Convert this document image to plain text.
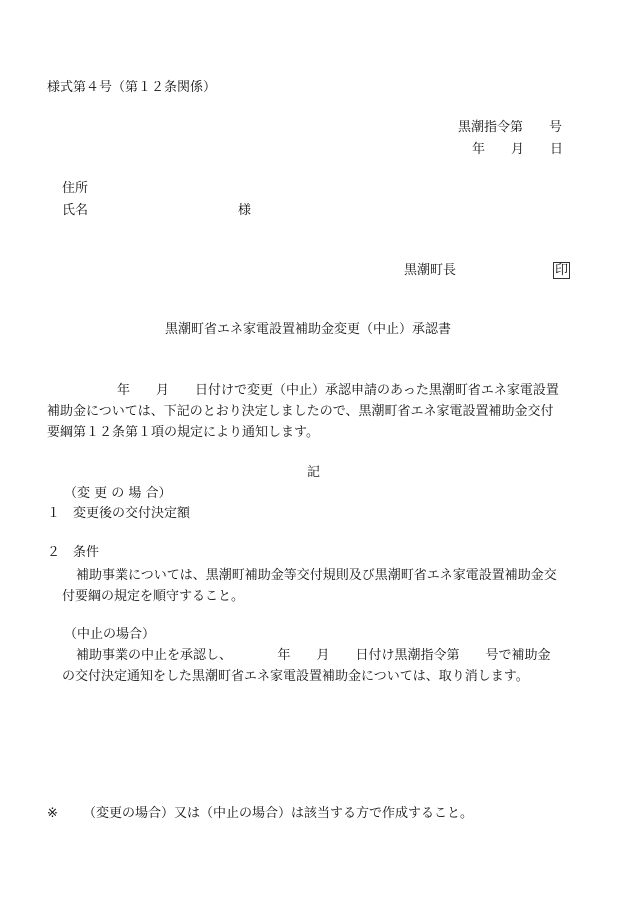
様式第４号（第１２条関係）
黒潮指令第　　号
年　　月　　日
住所
氏名	様
黒潮町長	印
黒潮町省エネ家電設置補助金変更（中止）承認書
年　　月　　日付けで変更（中止）承認申請のあった黒潮町省エネ家電設置
補助金については、下記のとおり決定しましたので、黒潮町省エネ家電設置補助金交付
要綱第１２条第１項の規定により通知します。
記
（変 更 の 場 合）
１　変更後の交付決定額
２　条件
補助事業については、黒潮町補助金等交付規則及び黒潮町省エネ家電設置補助金交
付要綱の規定を順守すること。
（中止の場合）
補助事業の中止を承認し、　　　　年　　月　　日付け黒潮指令第　　号で補助金
の交付決定通知をした黒潮町省エネ家電設置補助金については、取り消します。
※ （変更の場合）又は（中止の場合）は該当する方で作成すること。
